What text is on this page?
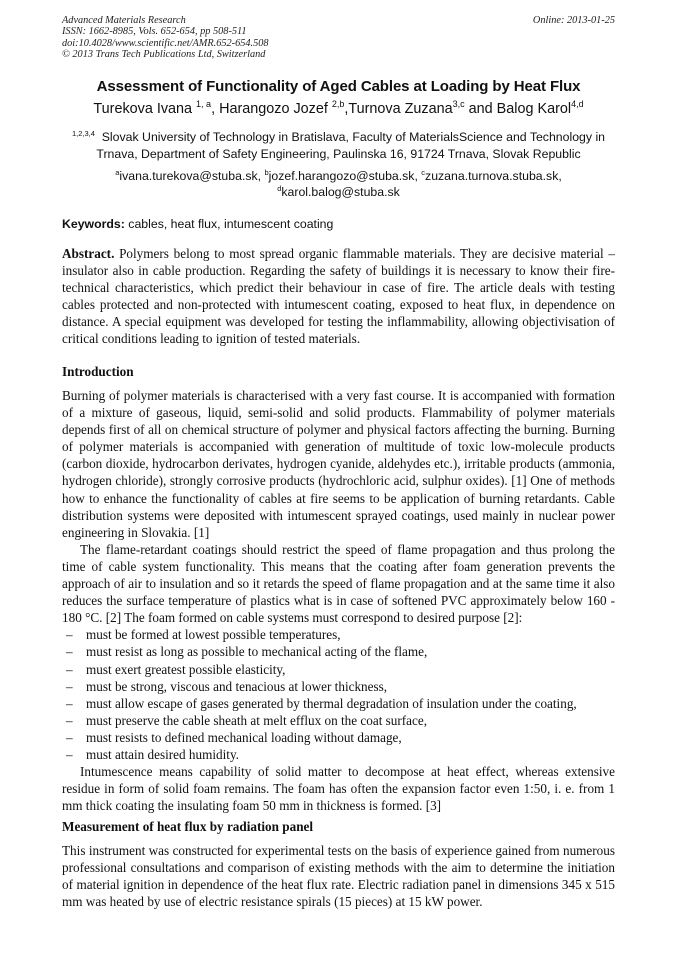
Advanced Materials Research
ISSN: 1662-8985, Vols. 652-654, pp 508-511
doi:10.4028/www.scientific.net/AMR.652-654.508
© 2013 Trans Tech Publications Ltd, Switzerland
Online: 2013-01-25
Assessment of Functionality of Aged Cables at Loading by Heat Flux
Turekova Ivana $^{1, a}$, Harangozo Jozef $^{2,b}$,Turnova Zuzana$^{3,c}$ and Balog Karol$^{4,d}$
$^{1,2,3,4}$ Slovak University of Technology in Bratislava, Faculty of MaterialsScience and Technology in
Trnava, Department of Safety Engineering, Paulinska 16, 91724 Trnava, Slovak Republic
$^a$ivana.turekova@stuba.sk, $^b$jozef.harangozo@stuba.sk, $^c$zuzana.turnova.stuba.sk,
$^d$karol.balog@stuba.sk
Keywords: cables, heat flux, intumescent coating

Abstract. Polymers belong to most spread organic flammable materials. They are decisive material – insulator also in cable production. Regarding the safety of buildings it is necessary to know their fire-technical characteristics, which predict their behaviour in case of fire. The article deals with testing cables protected and non-protected with intumescent coating, exposed to heat flux, in dependence on distance. A special equipment was developed for testing the inflammability, allowing objectivisation of critical conditions leading to ignition of tested materials.

Introduction

Burning of polymer materials is characterised with a very fast course. It is accompanied with formation of a mixture of gaseous, liquid, semi-solid and solid products. Flammability of polymer materials depends first of all on chemical structure of polymer and physical factors affecting the burning. Burning of polymer materials is accompanied with generation of multitude of toxic low-molecule products (carbon dioxide, hydrocarbon derivates, hydrogen cyanide, aldehydes etc.), irritable products (ammonia, hydrogen chloride), strongly corrosive products (hydrochloric acid, sulphur oxides). [1] One of methods how to enhance the functionality of cables at fire seems to be application of burning retardants. Cable distribution systems were deposited with intumescent sprayed coatings, used mainly in nuclear power engineering in Slovakia. [1]

The flame-retardant coatings should restrict the speed of flame propagation and thus prolong the time of cable system functionality. This means that the coating after foam generation prevents the approach of air to insulation and so it retards the speed of flame propagation and at the same time it also reduces the surface temperature of plastics what is in case of softened PVC approximately below 160 - 180 °C. [2] The foam formed on cable systems must correspond to desired purpose [2]:

– must be formed at lowest possible temperatures,
– must resist as long as possible to mechanical acting of the flame,
– must exert greatest possible elasticity,
– must be strong, viscous and tenacious at lower thickness,
– must allow escape of gases generated by thermal degradation of insulation under the coating,
– must preserve the cable sheath at melt efflux on the coat surface,
– must resists to defined mechanical loading without damage,
– must attain desired humidity.

Intumescence means capability of solid matter to decompose at heat effect, whereas extensive residue in form of solid foam remains. The foam has often the expansion factor even 1:50, i. e. from 1 mm thick coating the insulating foam 50 mm in thickness is formed. [3]

Measurement of heat flux by radiation panel

This instrument was constructed for experimental tests on the basis of experience gained from numerous professional consultations and comparison of existing methods with the aim to determine the initiation of material ignition in dependence of the heat flux rate. Electric radiation panel in dimensions 345 x 515 mm was heated by use of electric resistance spirals (15 pieces) at 15 kW power.
